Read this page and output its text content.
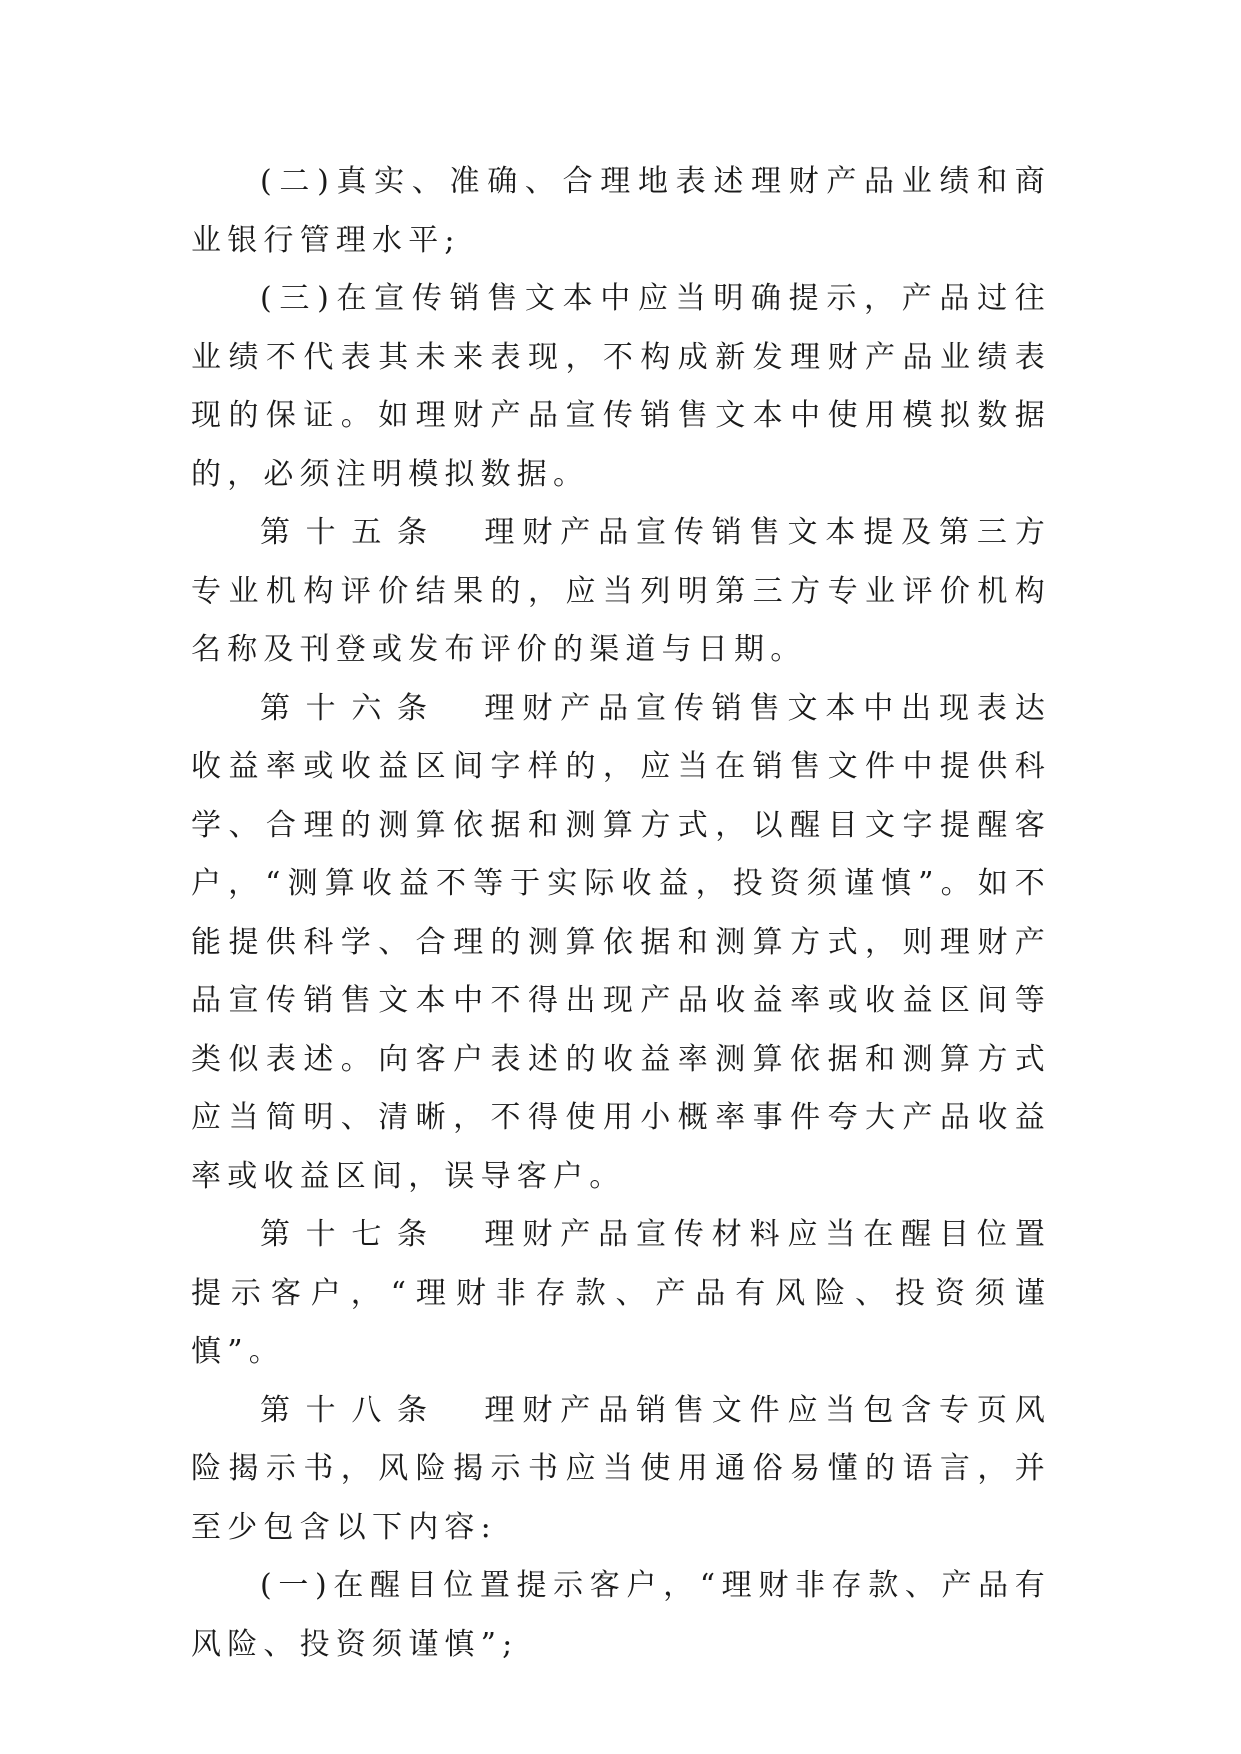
(二)真实、准确、合理地表述理财产品业绩和商业银行管理水平;

(三)在宣传销售文本中应当明确提示，产品过往业绩不代表其未来表现，不构成新发理财产品业绩表现的保证。如理财产品宣传销售文本中使用模拟数据的，必须注明模拟数据。

第十五条 理财产品宣传销售文本提及第三方专业机构评价结果的，应当列明第三方专业评价机构名称及刊登或发布评价的渠道与日期。

第十六条 理财产品宣传销售文本中出现表达收益率或收益区间字样的，应当在销售文件中提供科学、合理的测算依据和测算方式，以醒目文字提醒客户，“测算收益不等于实际收益，投资须谨慎”。如不能提供科学、合理的测算依据和测算方式，则理财产品宣传销售文本中不得出现产品收益率或收益区间等类似表述。向客户表述的收益率测算依据和测算方式应当简明、清晰，不得使用小概率事件夸大产品收益率或收益区间，误导客户。

第十七条 理财产品宣传材料应当在醒目位置提示客户，“理财非存款、产品有风险、投资须谨慎”。

第十八条 理财产品销售文件应当包含专页风险揭示书，风险揭示书应当使用通俗易懂的语言，并至少包含以下内容:

(一)在醒目位置提示客户，“理财非存款、产品有风险、投资须谨慎”;
